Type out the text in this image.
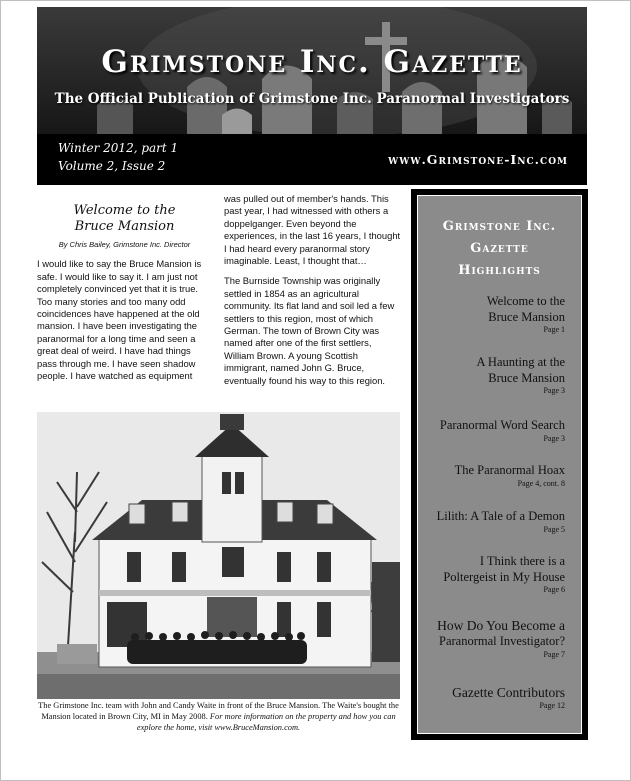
Grimstone Inc. Gazette
The Official Publication of Grimstone Inc. Paranormal Investigators
Winter 2012, part 1
Volume 2, Issue 2	www.Grimstone-Inc.com
Welcome to the
Bruce Mansion
By Chris Bailey, Grimstone Inc. Director

I would like to say the Bruce Mansion is safe. I would like to say it. I am just not completely convinced yet that it is true. Too many stories and too many odd coincidences have happened at the old mansion. I have been investigating the paranormal for a long time and seen a great deal of weird. I have had things pass through me. I have seen shadow people. I have watched as equipment

was pulled out of member's hands. This past year, I had witnessed with others a doppelganger. Even beyond the experiences, in the last 16 years, I thought I had heard every paranormal story imaginable. Least, I thought that…

The Burnside Township was originally settled in 1854 as an agricultural community. Its flat land and soil led a few settlers to this region, most of which German. The town of Brown City was named after one of the first settlers, William Brown. A young Scottish immigrant, named John G. Bruce, eventually found his way to this region.

The Grimstone Inc. team with John and Candy Waite in front of the Bruce Mansion. The Waite's bought the Mansion located in Brown City, MI in May 2008. For more information on the property and how you can explore the home, visit www.BruceMansion.com.
Grimstone Inc.
Gazette
Highlights
Welcome to the
Bruce Mansion
Page 1
A Haunting at the
Bruce Mansion
Page 3
Paranormal Word Search
Page 3
The Paranormal Hoax
Page 4, cont. 8
Lilith: A Tale of a Demon
Page 5
I Think there is a
Poltergeist in My House
Page 6
How Do You Become a
Paranormal Investigator?
Page 7
Gazette Contributors
Page 12
